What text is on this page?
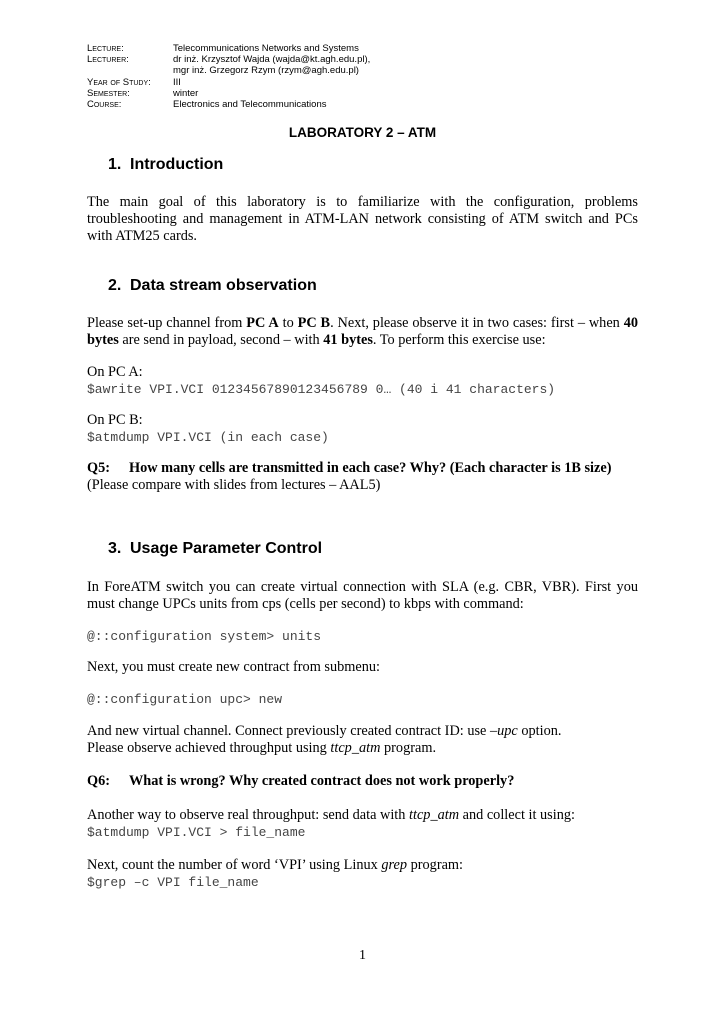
Lecture:	Telecommunications Networks and Systems
Lecturer:	dr inż. Krzysztof Wajda (wajda@kt.agh.edu.pl),
mgr inż. Grzegorz Rzym (rzym@agh.edu.pl)
Year of Study:	III
Semester:	winter
Course:	Electronics and Telecommunications
LABORATORY 2 – ATM
1. Introduction
The main goal of this laboratory is to familiarize with the configuration, problems troubleshooting and management in ATM-LAN network consisting of ATM switch and PCs with ATM25 cards.
2. Data stream observation
Please set-up channel from PC A to PC B. Next, please observe it in two cases: first – when 40 bytes are send in payload, second – with 41 bytes. To perform this exercise use:
On PC A:
$awrite VPI.VCI 01234567890123456789 0… (40 i 41 characters)
On PC B:
$atmdump VPI.VCI (in each case)
Q5: How many cells are transmitted in each case? Why? (Each character is 1B size)
(Please compare with slides from lectures – AAL5)
3. Usage Parameter Control
In ForeATM switch you can create virtual connection with SLA (e.g. CBR, VBR). First you must change UPCs units from cps (cells per second) to kbps with command:
@::configuration system> units
Next, you must create new contract from submenu:
@::configuration upc> new
And new virtual channel. Connect previously created contract ID: use –upc option.
Please observe achieved throughput using ttcp_atm program.
Q6: What is wrong? Why created contract does not work properly?
Another way to observe real throughput: send data with ttcp_atm and collect it using:
$atmdump VPI.VCI > file_name
Next, count the number of word ‘VPI’ using Linux grep program:
$grep –c VPI file_name
1
